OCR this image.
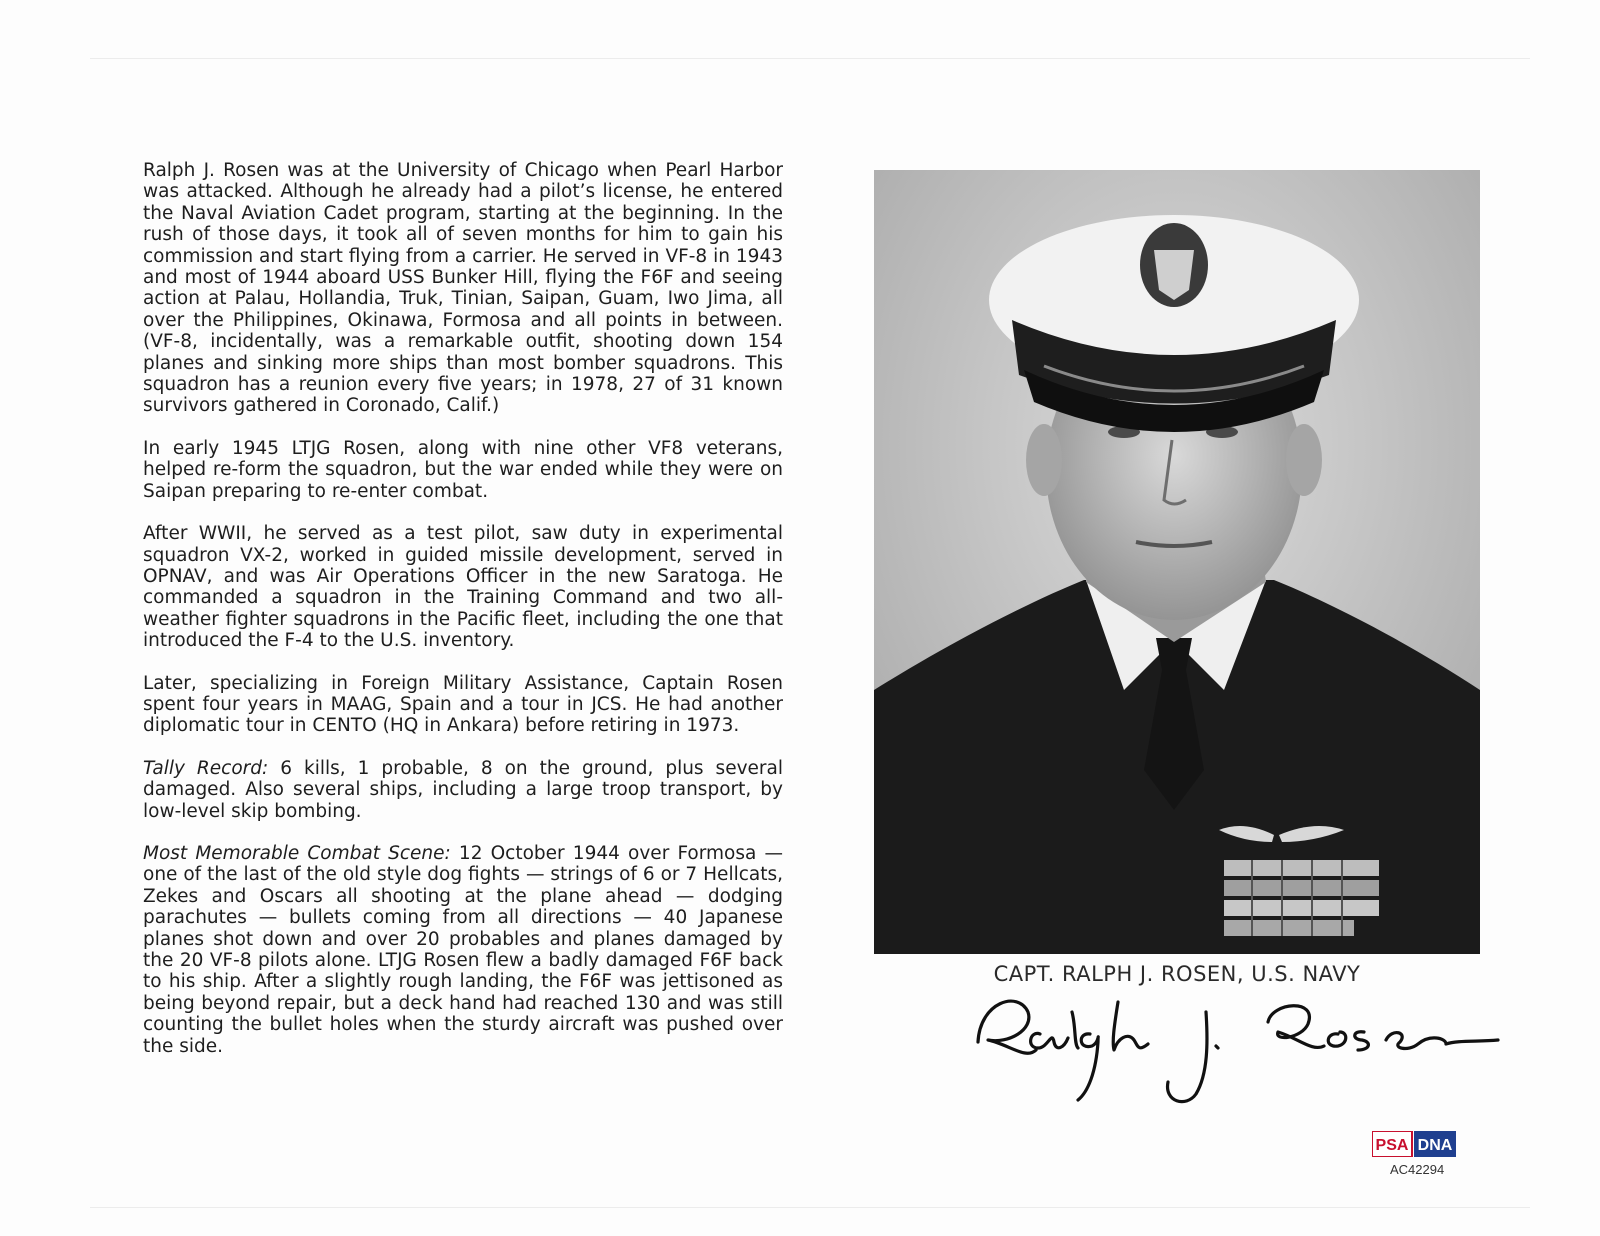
Ralph J. Rosen was at the University of Chicago when Pearl Harbor was attacked. Although he already had a pilot’s license, he entered the Naval Aviation Cadet program, starting at the beginning. In the rush of those days, it took all of seven months for him to gain his commission and start flying from a carrier. He served in VF-8 in 1943 and most of 1944 aboard USS Bunker Hill, flying the F6F and seeing action at Palau, Hollandia, Truk, Tinian, Saipan, Guam, Iwo Jima, all over the Philippines, Okinawa, Formosa and all points in between. (VF-8, incidentally, was a remarkable outfit, shooting down 154 planes and sinking more ships than most bomber squadrons. This squadron has a reunion every five years; in 1978, 27 of 31 known survivors gathered in Coronado, Calif.)

In early 1945 LTJG Rosen, along with nine other VF8 veterans, helped re-form the squadron, but the war ended while they were on Saipan preparing to re-enter combat.

After WWII, he served as a test pilot, saw duty in experimental squadron VX-2, worked in guided missile development, served in OPNAV, and was Air Operations Officer in the new Saratoga. He commanded a squadron in the Training Command and two all-weather fighter squadrons in the Pacific fleet, including the one that introduced the F-4 to the U.S. inventory.

Later, specializing in Foreign Military Assistance, Captain Rosen spent four years in MAAG, Spain and a tour in JCS. He had another diplomatic tour in CENTO (HQ in Ankara) before retiring in 1973.

Tally Record: 6 kills, 1 probable, 8 on the ground, plus several damaged. Also several ships, including a large troop transport, by low-level skip bombing.

Most Memorable Combat Scene: 12 October 1944 over Formosa — one of the last of the old style dog fights — strings of 6 or 7 Hellcats, Zekes and Oscars all shooting at the plane ahead — dodging parachutes — bullets coming from all directions — 40 Japanese planes shot down and over 20 probables and planes damaged by the 20 VF-8 pilots alone. LTJG Rosen flew a badly damaged F6F back to his ship. After a slightly rough landing, the F6F was jettisoned as being beyond repair, but a deck hand had reached 130 and was still counting the bullet holes when the sturdy aircraft was pushed over the side.

CAPT. RALPH J. ROSEN, U.S. NAVY
PSA DNA
AC42294
